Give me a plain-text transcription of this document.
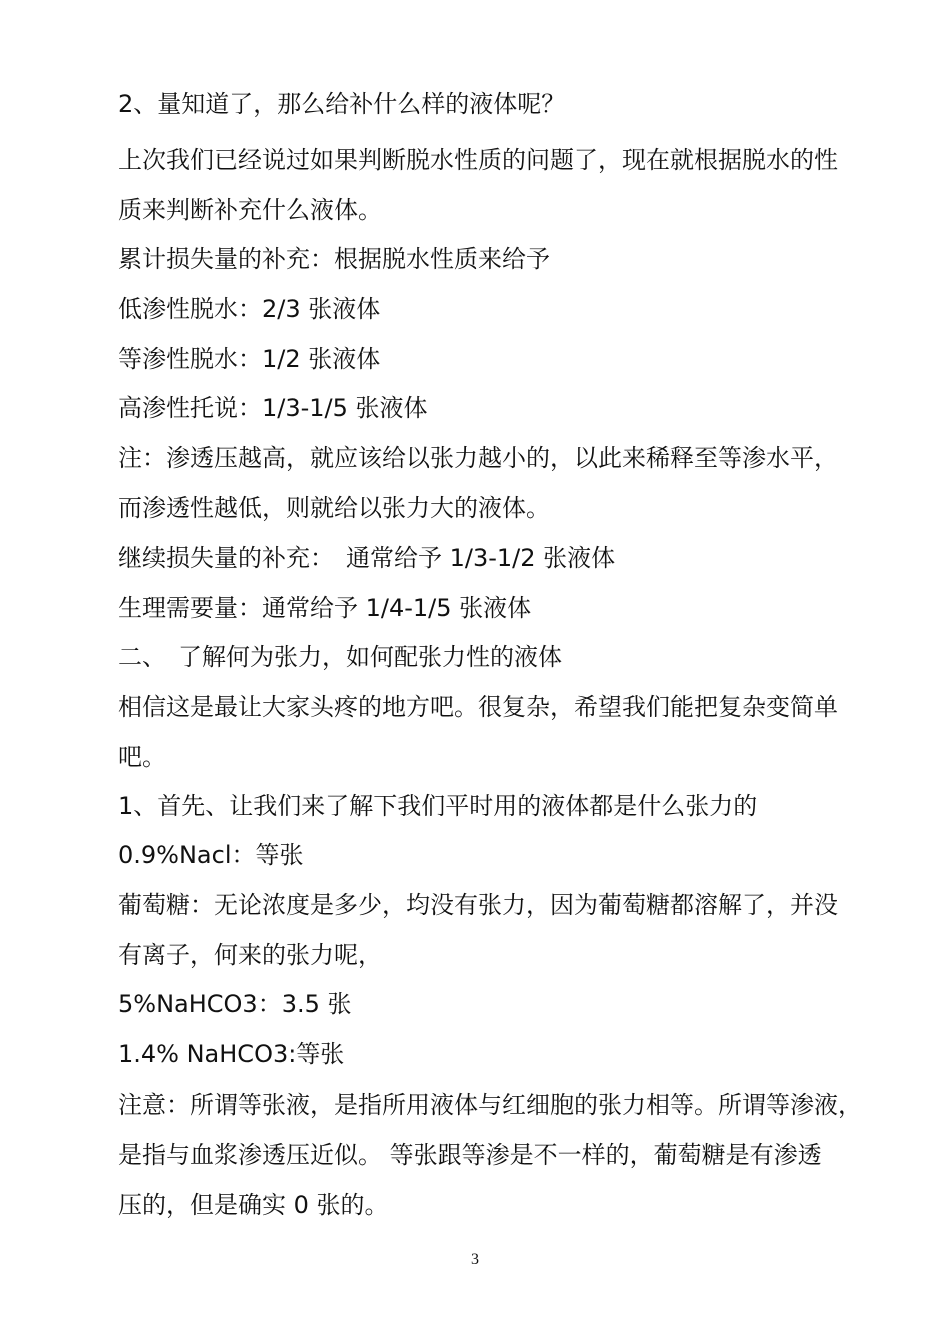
2、量知道了，那么给补什么样的液体呢？
上次我们已经说过如果判断脱水性质的问题了，现在就根据脱水的性
质来判断补充什么液体。
累计损失量的补充：根据脱水性质来给予
低渗性脱水：2/3 张液体
等渗性脱水：1/2 张液体
高渗性托说：1/3-1/5 张液体
注：渗透压越高，就应该给以张力越小的，以此来稀释至等渗水平，
而渗透性越低，则就给以张力大的液体。
继续损失量的补充：　通常给予 1/3-1/2 张液体
生理需要量：通常给予 1/4-1/5 张液体
二、　了解何为张力，如何配张力性的液体
相信这是最让大家头疼的地方吧。很复杂，希望我们能把复杂变简单
吧。
1、首先、让我们来了解下我们平时用的液体都是什么张力的
0.9%Nacl：等张
葡萄糖：无论浓度是多少，均没有张力，因为葡萄糖都溶解了，并没
有离子，何来的张力呢，
5%NaHCO3：3.5 张
1.4% NaHCO3:等张
注意：所谓等张液，是指所用液体与红细胞的张力相等。所谓等渗液，
是指与血浆渗透压近似。 等张跟等渗是不一样的，葡萄糖是有渗透
压的，但是确实 0 张的。
3
